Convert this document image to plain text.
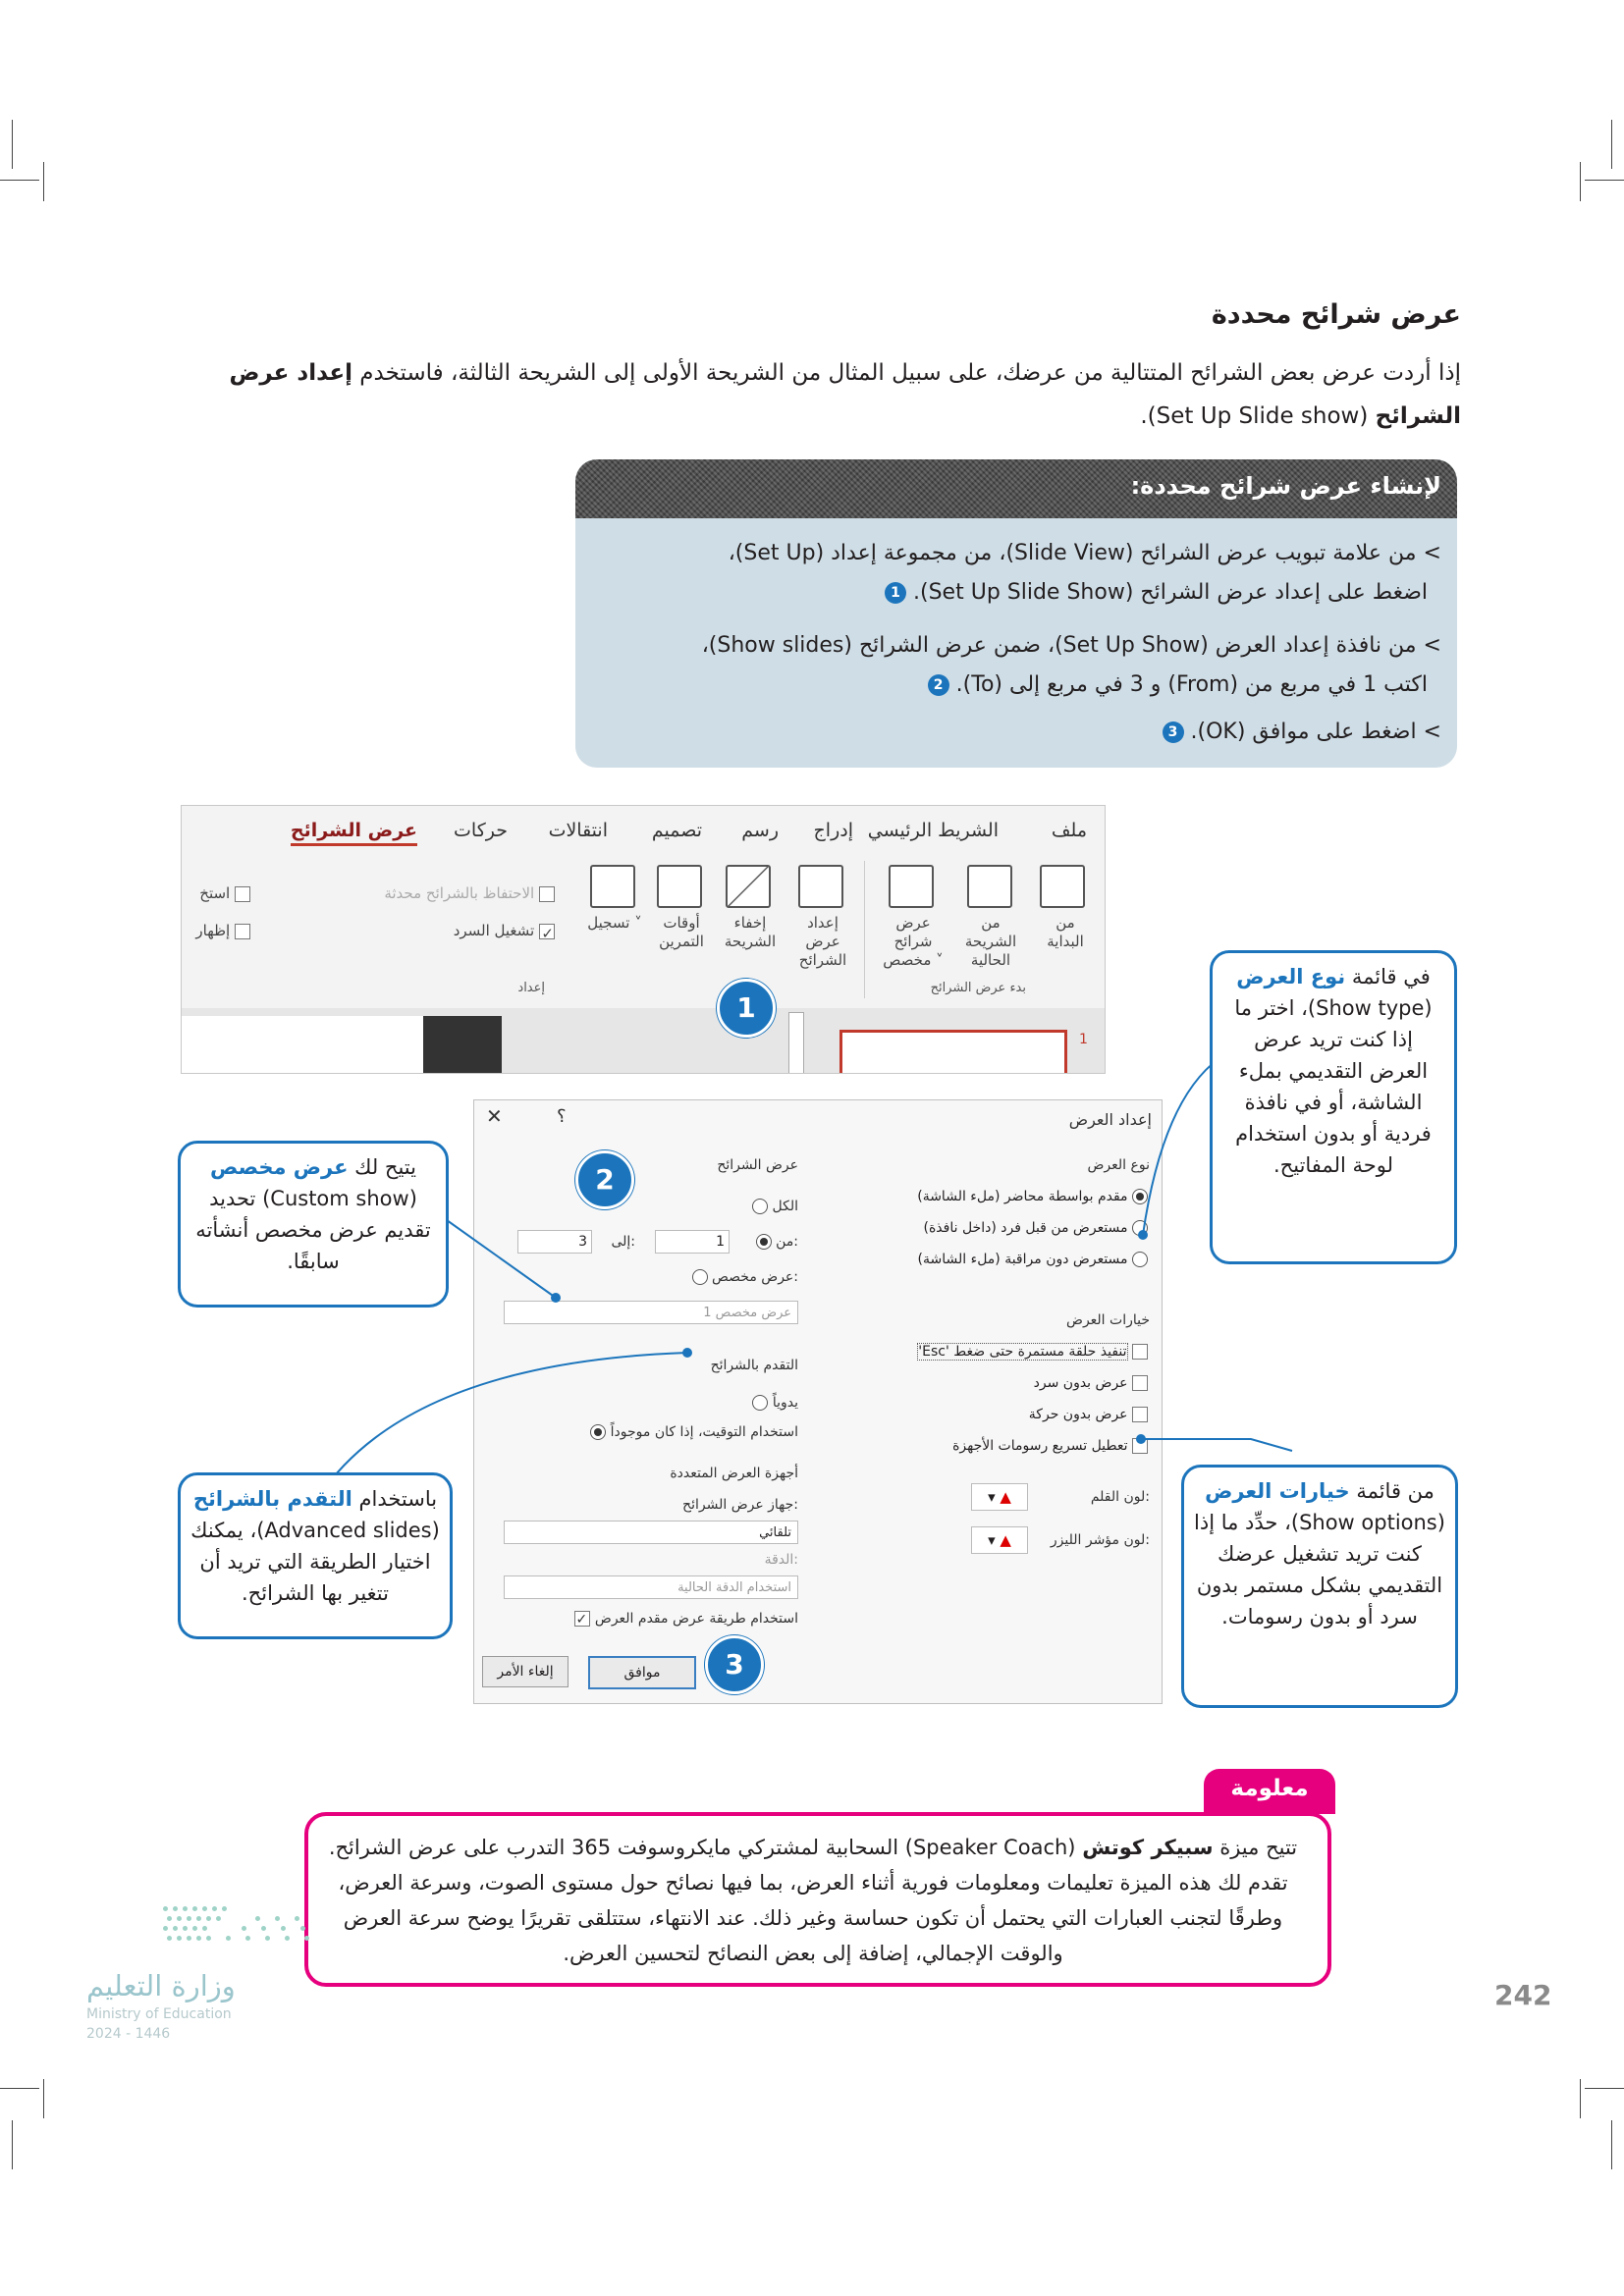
عرض شرائح محددة
إذا أردت عرض بعض الشرائح المتتالية من عرضك، على سبيل المثال من الشريحة الأولى إلى الشريحة الثالثة، فاستخدم إعداد عرض الشرائح (Set Up Slide show).
لإنشاء عرض شرائح محددة:
> من علامة تبويب عرض الشرائح (Slide View)، من مجموعة إعداد (Set Up)،
اضغط على إعداد عرض الشرائح (Set Up Slide Show). 1
> من نافذة إعداد العرض (Set Up Show)، ضمن عرض الشرائح (Show slides)،
اكتب 1 في مربع من (From) و 3 في مربع إلى (To). 2
> اضغط على موافق (OK). 3
ملف
الشريط الرئيسي
إدراج
رسم
تصميم
انتقالات
حركات
عرض الشرائح
من البداية
من الشريحة الحالية
عرض شرائح مخصص ˅
بدء عرض الشرائح
إعداد عرض الشرائح
إخفاء الشريحة
أوقات التمرين
تسجيل ˅
الاحتفاظ بالشرائح محدثة
✓ تشغيل السرد
استخ
إظهار
إعداد
1
إعداد العرض
؟
✕
نوع العرض
مقدم بواسطة محاضر (ملء الشاشة)
مستعرض من قبل فرد (داخل نافذة)
مستعرض دون مراقبة (ملء الشاشة)
خيارات العرض
تنفيذ حلقة مستمرة حتى ضغط 'Esc'
عرض بدون سرد
عرض بدون حركة
تعطيل تسريع رسومات الأجهزة
لون القلم:
▾ ▲
لون مؤشر الليزر:
▾ ▲
عرض الشرائح
الكل
من:
1
إلى:
3
عرض مخصص:
عرض مخصص 1
التقدم بالشرائح
يدوياً
استخدام التوقيت، إذا كان موجوداً
أجهزة العرض المتعددة
جهاز عرض الشرائح:
تلقائي
الدقة:
استخدام الدقة الحالية
✓ استخدام طريقة عرض مقدم العرض
موافق
إلغاء الأمر
1
2
3
يتيح لك عرض مخصص (Custom show) تحديد تقديم عرض مخصص أنشأته سابقًا.
باستخدام التقدم بالشرائح (Advanced slides)، يمكنك اختيار الطريقة التي تريد أن تتغير بها الشرائح.
في قائمة نوع العرض (Show type)، اختر ما إذا كنت تريد عرض العرض التقديمي بملء الشاشة، أو في نافذة فردية أو بدون استخدام لوحة المفاتيح.
من قائمة خيارات العرض (Show options)، حدِّد ما إذا كنت تريد تشغيل عرضك التقديمي بشكل مستمر بدون سرد أو بدون رسومات.
معلومة
تتيح ميزة سبيكر كوتش (Speaker Coach) السحابية لمشتركي مايكروسوفت 365 التدرب على عرض الشرائح. تقدم لك هذه الميزة تعليمات ومعلومات فورية أثناء العرض، بما فيها نصائح حول مستوى الصوت، وسرعة العرض، وطرقًا لتجنب العبارات التي يحتمل أن تكون حساسة وغير ذلك. عند الانتهاء، ستتلقى تقريرًا يوضح سرعة العرض والوقت الإجمالي، إضافة إلى بعض النصائح لتحسين العرض.
242
وزارة التعليم
Ministry of Education
2024 - 1446
